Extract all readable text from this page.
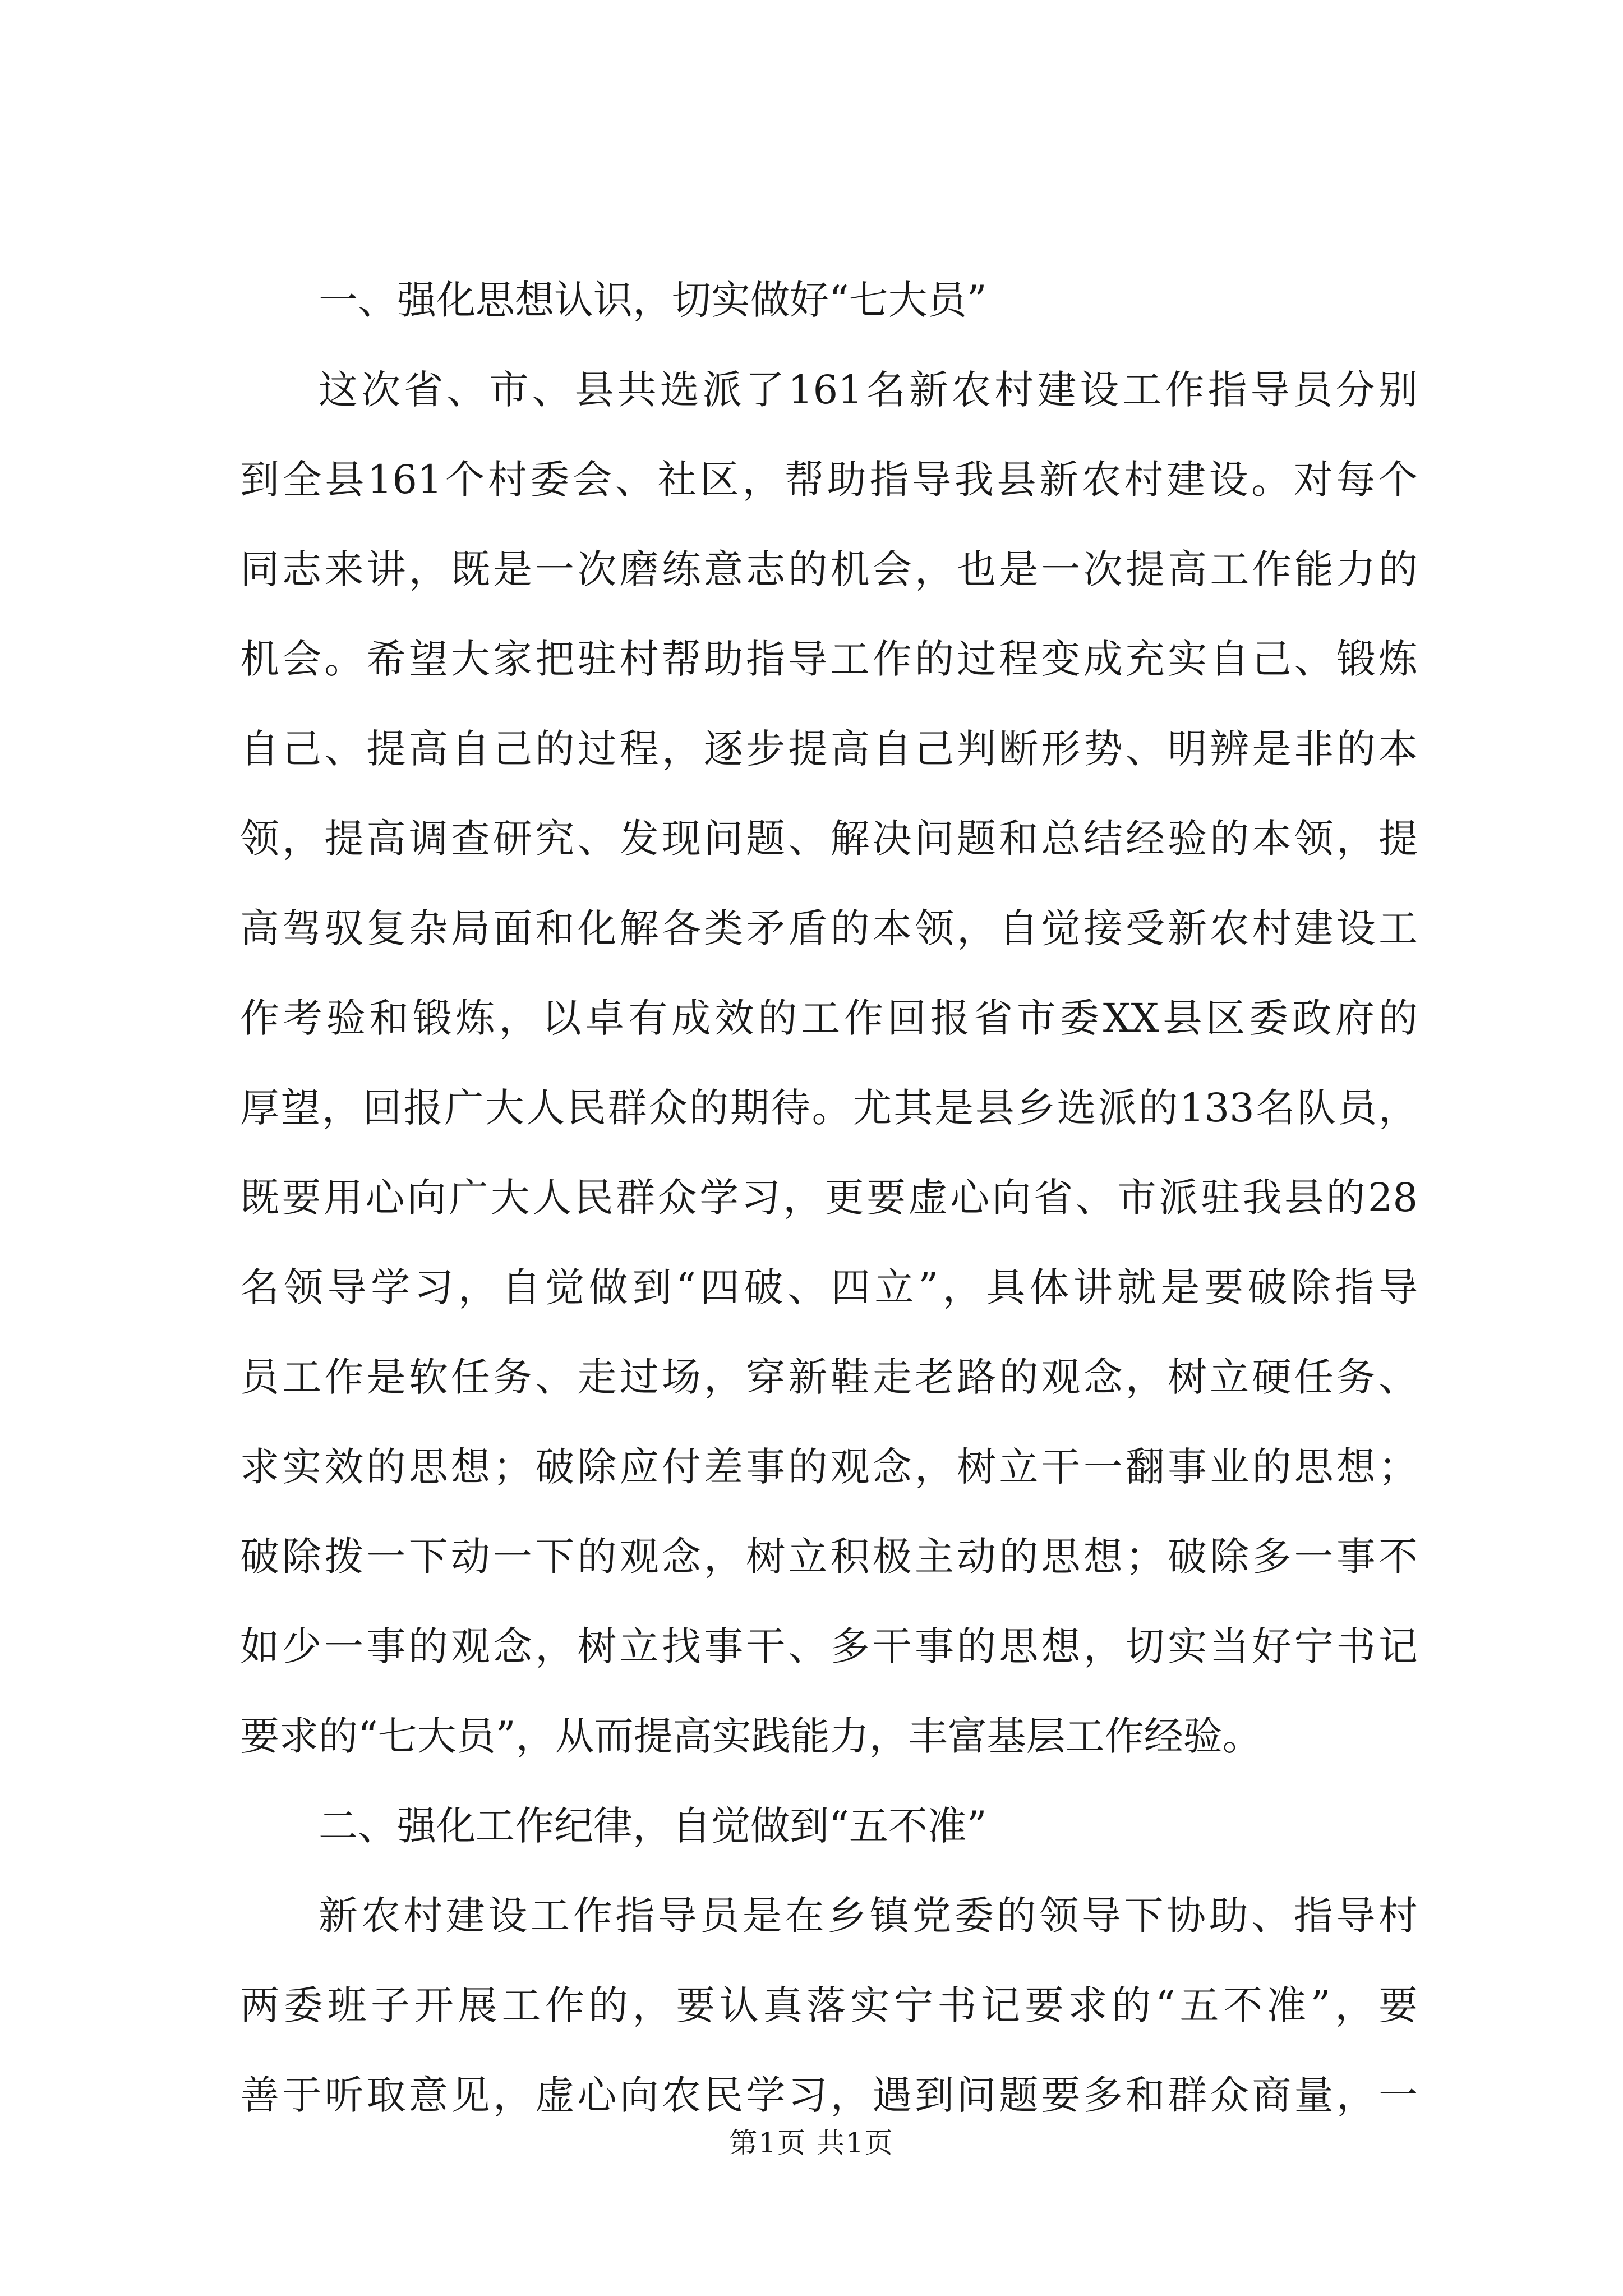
一、强化思想认识，切实做好“七大员”
这次省、市、县共选派了161名新农村建设工作指导员分别
到全县161个村委会、社区，帮助指导我县新农村建设。对每个
同志来讲，既是一次磨练意志的机会，也是一次提高工作能力的
机会。希望大家把驻村帮助指导工作的过程变成充实自己、锻炼
自己、提高自己的过程，逐步提高自己判断形势、明辨是非的本
领，提高调查研究、发现问题、解决问题和总结经验的本领，提
高驾驭复杂局面和化解各类矛盾的本领，自觉接受新农村建设工
作考验和锻炼，以卓有成效的工作回报省市委XX县区委政府的
厚望，回报广大人民群众的期待。尤其是县乡选派的133名队员，
既要用心向广大人民群众学习，更要虚心向省、市派驻我县的28
名领导学习，自觉做到“四破、四立”，具体讲就是要破除指导
员工作是软任务、走过场，穿新鞋走老路的观念，树立硬任务、
求实效的思想；破除应付差事的观念，树立干一翻事业的思想；
破除拨一下动一下的观念，树立积极主动的思想；破除多一事不
如少一事的观念，树立找事干、多干事的思想，切实当好宁书记
要求的“七大员”，从而提高实践能力，丰富基层工作经验。
二、强化工作纪律，自觉做到“五不准”
新农村建设工作指导员是在乡镇党委的领导下协助、指导村
两委班子开展工作的，要认真落实宁书记要求的“五不准”，要
善于听取意见，虚心向农民学习，遇到问题要多和群众商量，一
第1页 共1页
